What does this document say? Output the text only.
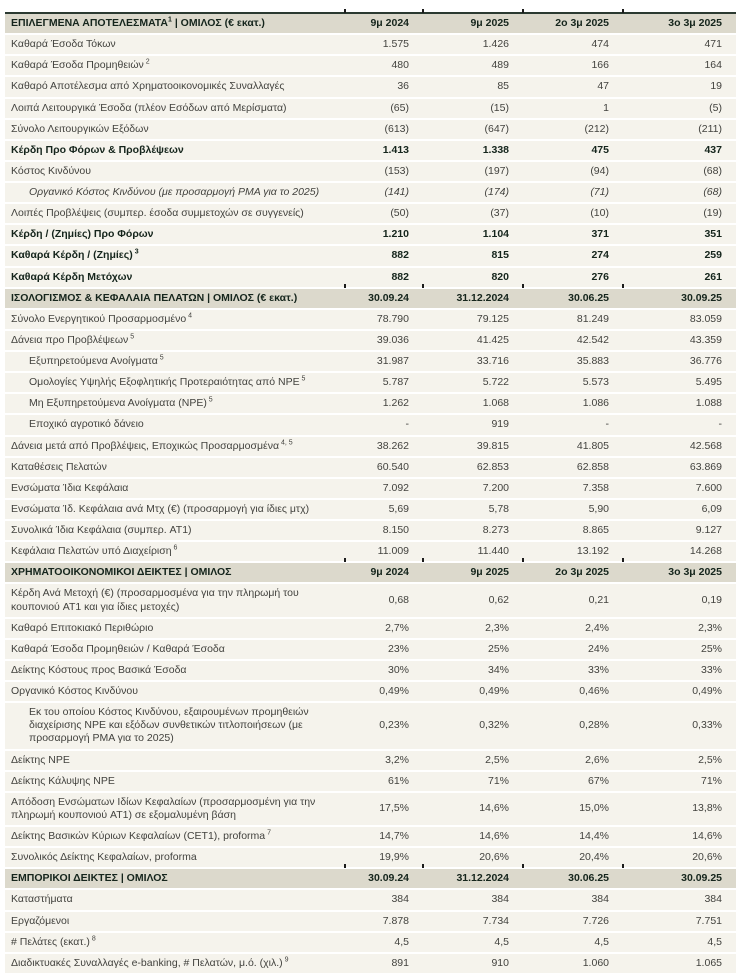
ΕΠΙΛΕΓΜΕΝΑ ΑΠΟΤΕΛΕΣΜΑΤΑ$^1$ | ΟΜΙΛΟΣ (€ εκατ.)	9μ 2024	9μ 2025	2ο 3μ 2025	3ο 3μ 2025
Καθαρά Έσοδα Τόκων	1.575	1.426	474	471
Καθαρά Έσοδα Προμηθειών $^2$	480	489	166	164
Καθαρό Αποτέλεσμα από Χρηματοοικονομικές Συναλλαγές	36	85	47	19
Λοιπά Λειτουργικά Έσοδα (πλέον Εσόδων από Μερίσματα)	(65)	(15)	1	(5)
Σύνολο Λειτουργικών Εξόδων	(613)	(647)	(212)	(211)
Κέρδη Προ Φόρων & Προβλέψεων	1.413	1.338	475	437
Κόστος Κινδύνου	(153)	(197)	(94)	(68)
Οργανικό Κόστος Κινδύνου (με προσαρμογή PMA για το 2025)	(141)	(174)	(71)	(68)
Λοιπές Προβλέψεις (συμπερ. έσοδα συμμετοχών σε συγγενείς)	(50)	(37)	(10)	(19)
Κέρδη / (Ζημίες) Προ Φόρων	1.210	1.104	371	351
Καθαρά Κέρδη / (Ζημίες) $^3$	882	815	274	259
Καθαρά Κέρδη Μετόχων	882	820	276	261
ΙΣΟΛΟΓΙΣΜΟΣ & ΚΕΦΑΛΑΙΑ ΠΕΛΑΤΩΝ | ΟΜΙΛΟΣ (€ εκατ.)	30.09.24	31.12.2024	30.06.25	30.09.25
Σύνολο Ενεργητικού Προσαρμοσμένο $^4$	78.790	79.125	81.249	83.059
Δάνεια προ Προβλέψεων $^5$	39.036	41.425	42.542	43.359
Εξυπηρετούμενα Ανοίγματα $^5$	31.987	33.716	35.883	36.776
Ομολογίες Υψηλής Εξοφλητικής Προτεραιότητας από NPE $^5$	5.787	5.722	5.573	5.495
Μη Εξυπηρετούμενα Ανοίγματα (NPE) $^5$	1.262	1.068	1.086	1.088
Εποχικό αγροτικό δάνειο	-	919	-	-
Δάνεια μετά από Προβλέψεις, Εποχικώς Προσαρμοσμένα $^{4, 5}$	38.262	39.815	41.805	42.568
Καταθέσεις Πελατών	60.540	62.853	62.858	63.869
Ενσώματα Ίδια Κεφάλαια	7.092	7.200	7.358	7.600
Ενσώματα Ίδ. Κεφάλαια ανά Μτχ (€) (προσαρμογή για ίδιες μτχ)	5,69	5,78	5,90	6,09
Συνολικά Ίδια Κεφάλαια (συμπερ. AT1)	8.150	8.273	8.865	9.127
Κεφάλαια Πελατών υπό Διαχείριση $^6$	11.009	11.440	13.192	14.268
ΧΡΗΜΑΤΟΟΙΚΟΝΟΜΙΚΟΙ ΔΕΙΚΤΕΣ | ΟΜΙΛΟΣ	9μ 2024	9μ 2025	2ο 3μ 2025	3ο 3μ 2025
Κέρδη Ανά Μετοχή (€) (προσαρμοσμένα για την πληρωμή του κουπονιού AT1 και για ίδιες μετοχές)	0,68	0,62	0,21	0,19
Καθαρό Επιτοκιακό Περιθώριο	2,7%	2,3%	2,4%	2,3%
Καθαρά Έσοδα Προμηθειών / Καθαρά Έσοδα	23%	25%	24%	25%
Δείκτης Κόστους προς Βασικά Έσοδα	30%	34%	33%	33%
Οργανικό Κόστος Κινδύνου	0,49%	0,49%	0,46%	0,49%
Εκ του οποίου Κόστος Κινδύνου, εξαιρουμένων προμηθειών διαχείρισης NPE και εξόδων συνθετικών τιτλοποιήσεων (με προσαρμογή PMA για το 2025)	0,23%	0,32%	0,28%	0,33%
Δείκτης NPE	3,2%	2,5%	2,6%	2,5%
Δείκτης Κάλυψης NPE	61%	71%	67%	71%
Απόδοση Ενσώματων Ιδίων Κεφαλαίων (προσαρμοσμένη για την πληρωμή κουπονιού AT1) σε εξομαλυμένη βάση	17,5%	14,6%	15,0%	13,8%
Δείκτης Βασικών Κύριων Κεφαλαίων (CET1), proforma $^7$	14,7%	14,6%	14,4%	14,6%
Συνολικός Δείκτης Κεφαλαίων, proforma	19,9%	20,6%	20,4%	20,6%
ΕΜΠΟΡΙΚΟΙ ΔΕΙΚΤΕΣ | ΟΜΙΛΟΣ	30.09.24	31.12.2024	30.06.25	30.09.25
Καταστήματα	384	384	384	384
Εργαζόμενοι	7.878	7.734	7.726	7.751
# Πελάτες (εκατ.) $^8$	4,5	4,5	4,5	4,5
Διαδικτυακές Συναλλαγές e-banking, # Πελατών, μ.ό. (χιλ.) $^9$	891	910	1.060	1.065
